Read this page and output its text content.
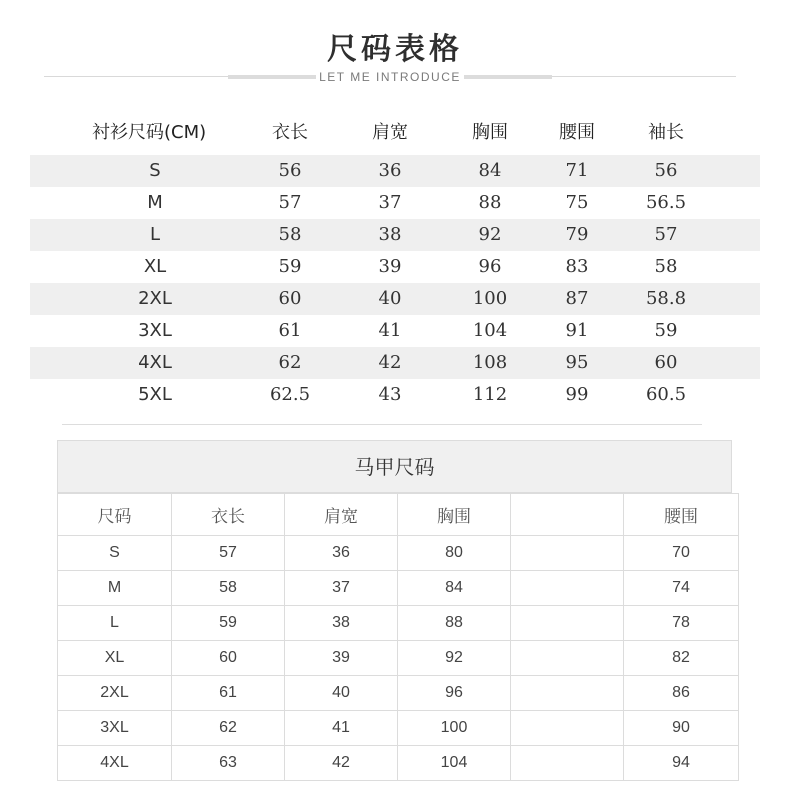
尺码表格
LET ME INTRODUCE
衬衫尺码(CM)	衣长	肩宽	胸围	腰围	袖长
S	56	36	84	71	56
M	57	37	88	75	56.5
L	58	38	92	79	57
XL	59	39	96	83	58
2XL	60	40	100	87	58.8
3XL	61	41	104	91	59
4XL	62	42	108	95	60
5XL	62.5	43	112	99	60.5
马甲尺码
尺码	衣长	肩宽	胸围		腰围
S	57	36	80		70
M	58	37	84		74
L	59	38	88		78
XL	60	39	92		82
2XL	61	40	96		86
3XL	62	41	100		90
4XL	63	42	104		94
